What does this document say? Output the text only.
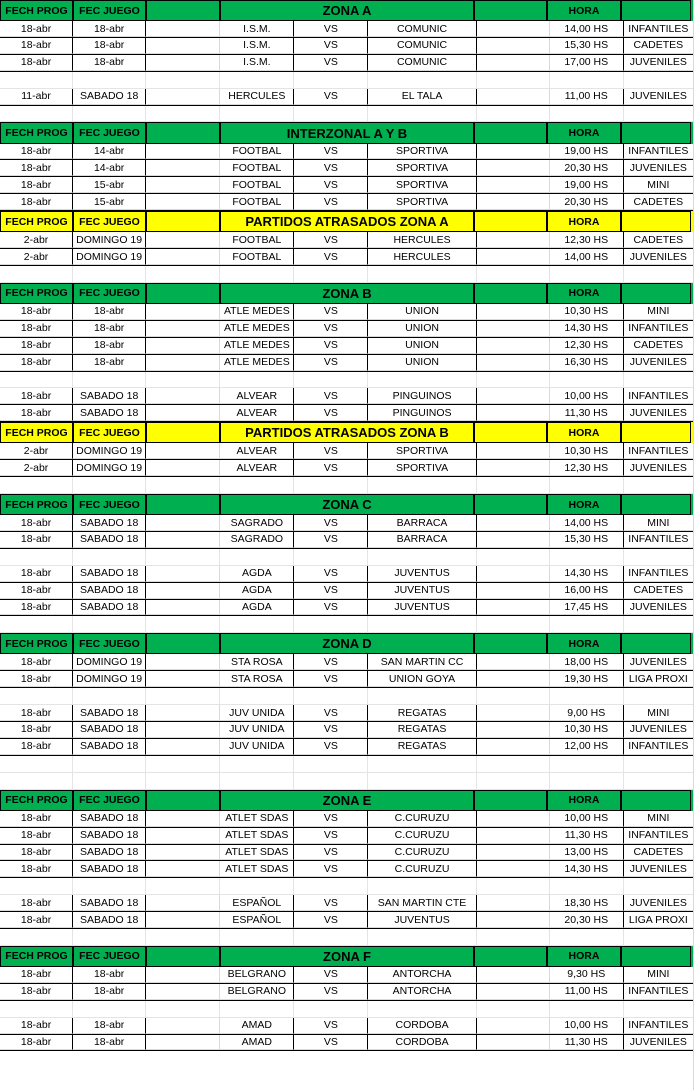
FECH PROG	FEC JUEGO	ZONA A	HORA
18-abr	18-abr	I.S.M.	VS	COMUNIC	14,00 HS	INFANTILES
18-abr	18-abr	I.S.M.	VS	COMUNIC	15,30 HS	CADETES
18-abr	18-abr	I.S.M.	VS	COMUNIC	17,00 HS	JUVENILES
11-abr	SABADO 18	HERCULES	VS	EL TALA	11,00 HS	JUVENILES
FECH PROG	FEC JUEGO	INTERZONAL A Y B	HORA
18-abr	14-abr	FOOTBAL	VS	SPORTIVA	19,00 HS	INFANTILES
18-abr	14-abr	FOOTBAL	VS	SPORTIVA	20,30 HS	JUVENILES
18-abr	15-abr	FOOTBAL	VS	SPORTIVA	19,00 HS	MINI
18-abr	15-abr	FOOTBAL	VS	SPORTIVA	20,30 HS	CADETES
FECH PROG	FEC JUEGO	PARTIDOS ATRASADOS ZONA A	HORA
2-abr	DOMINGO 19	FOOTBAL	VS	HERCULES	12,30 HS	CADETES
2-abr	DOMINGO 19	FOOTBAL	VS	HERCULES	14,00 HS	JUVENILES
FECH PROG	FEC JUEGO	ZONA B	HORA
18-abr	18-abr	ATLE MEDES	VS	UNION	10,30 HS	MINI
18-abr	18-abr	ATLE MEDES	VS	UNION	14,30 HS	INFANTILES
18-abr	18-abr	ATLE MEDES	VS	UNION	12,30 HS	CADETES
18-abr	18-abr	ATLE MEDES	VS	UNION	16,30 HS	JUVENILES
18-abr	SABADO 18	ALVEAR	VS	PINGUINOS	10,00 HS	INFANTILES
18-abr	SABADO 18	ALVEAR	VS	PINGUINOS	11,30 HS	JUVENILES
FECH PROG	FEC JUEGO	PARTIDOS ATRASADOS ZONA B	HORA
2-abr	DOMINGO 19	ALVEAR	VS	SPORTIVA	10,30 HS	INFANTILES
2-abr	DOMINGO 19	ALVEAR	VS	SPORTIVA	12,30 HS	JUVENILES
FECH PROG	FEC JUEGO	ZONA C	HORA
18-abr	SABADO 18	SAGRADO	VS	BARRACA	14,00 HS	MINI
18-abr	SABADO 18	SAGRADO	VS	BARRACA	15,30 HS	INFANTILES
18-abr	SABADO 18	AGDA	VS	JUVENTUS	14,30 HS	INFANTILES
18-abr	SABADO 18	AGDA	VS	JUVENTUS	16,00 HS	CADETES
18-abr	SABADO 18	AGDA	VS	JUVENTUS	17,45 HS	JUVENILES
FECH PROG	FEC JUEGO	ZONA D	HORA
18-abr	DOMINGO 19	STA ROSA	VS	SAN MARTIN CC	18,00 HS	JUVENILES
18-abr	DOMINGO 19	STA ROSA	VS	UNION GOYA	19,30 HS	LIGA PROXI
18-abr	SABADO 18	JUV UNIDA	VS	REGATAS	9,00 HS	MINI
18-abr	SABADO 18	JUV UNIDA	VS	REGATAS	10,30 HS	JUVENILES
18-abr	SABADO 18	JUV UNIDA	VS	REGATAS	12,00 HS	INFANTILES
FECH PROG	FEC JUEGO	ZONA E	HORA
18-abr	SABADO 18	ATLET SDAS	VS	C.CURUZU	10,00 HS	MINI
18-abr	SABADO 18	ATLET SDAS	VS	C.CURUZU	11,30 HS	INFANTILES
18-abr	SABADO 18	ATLET SDAS	VS	C.CURUZU	13,00 HS	CADETES
18-abr	SABADO 18	ATLET SDAS	VS	C.CURUZU	14,30 HS	JUVENILES
18-abr	SABADO 18	ESPAÑOL	VS	SAN MARTIN CTE	18,30 HS	JUVENILES
18-abr	SABADO 18	ESPAÑOL	VS	JUVENTUS	20,30 HS	LIGA PROXI
FECH PROG	FEC JUEGO	ZONA F	HORA
18-abr	18-abr	BELGRANO	VS	ANTORCHA	9,30 HS	MINI
18-abr	18-abr	BELGRANO	VS	ANTORCHA	11,00 HS	INFANTILES
18-abr	18-abr	AMAD	VS	CORDOBA	10,00 HS	INFANTILES
18-abr	18-abr	AMAD	VS	CORDOBA	11,30 HS	JUVENILES
